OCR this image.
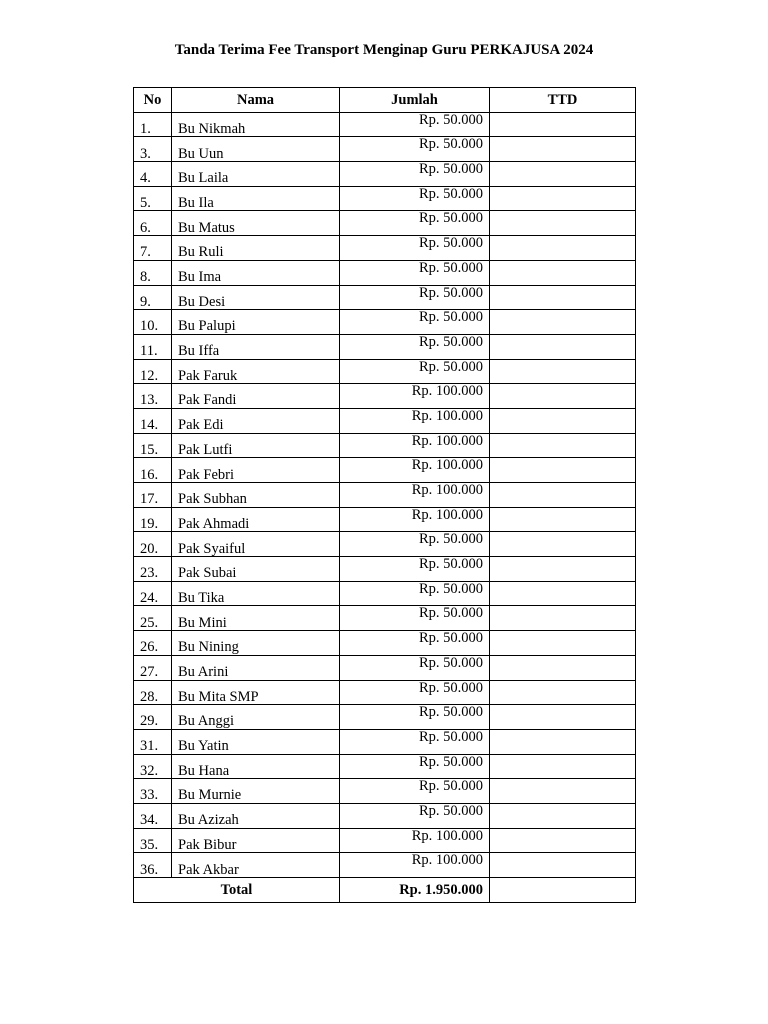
Tanda Terima Fee Transport Menginap Guru PERKAJUSA 2024
No	Nama	Jumlah	TTD
1.	Bu Nikmah	Rp. 50.000	
3.	Bu Uun	Rp. 50.000	
4.	Bu Laila	Rp. 50.000	
5.	Bu Ila	Rp. 50.000	
6.	Bu Matus	Rp. 50.000	
7.	Bu Ruli	Rp. 50.000	
8.	Bu Ima	Rp. 50.000	
9.	Bu Desi	Rp. 50.000	
10.	Bu Palupi	Rp. 50.000	
11.	Bu Iffa	Rp. 50.000	
12.	Pak Faruk	Rp. 50.000	
13.	Pak Fandi	Rp. 100.000	
14.	Pak Edi	Rp. 100.000	
15.	Pak Lutfi	Rp. 100.000	
16.	Pak Febri	Rp. 100.000	
17.	Pak Subhan	Rp. 100.000	
19.	Pak Ahmadi	Rp. 100.000	
20.	Pak Syaiful	Rp. 50.000	
23.	Pak Subai	Rp. 50.000	
24.	Bu Tika	Rp. 50.000	
25.	Bu Mini	Rp. 50.000	
26.	Bu Nining	Rp. 50.000	
27.	Bu Arini	Rp. 50.000	
28.	Bu Mita SMP	Rp. 50.000	
29.	Bu Anggi	Rp. 50.000	
31.	Bu Yatin	Rp. 50.000	
32.	Bu Hana	Rp. 50.000	
33.	Bu Murnie	Rp. 50.000	
34.	Bu Azizah	Rp. 50.000	
35.	Pak Bibur	Rp. 100.000	
36.	Pak Akbar	Rp. 100.000	
Total		Rp. 1.950.000	
